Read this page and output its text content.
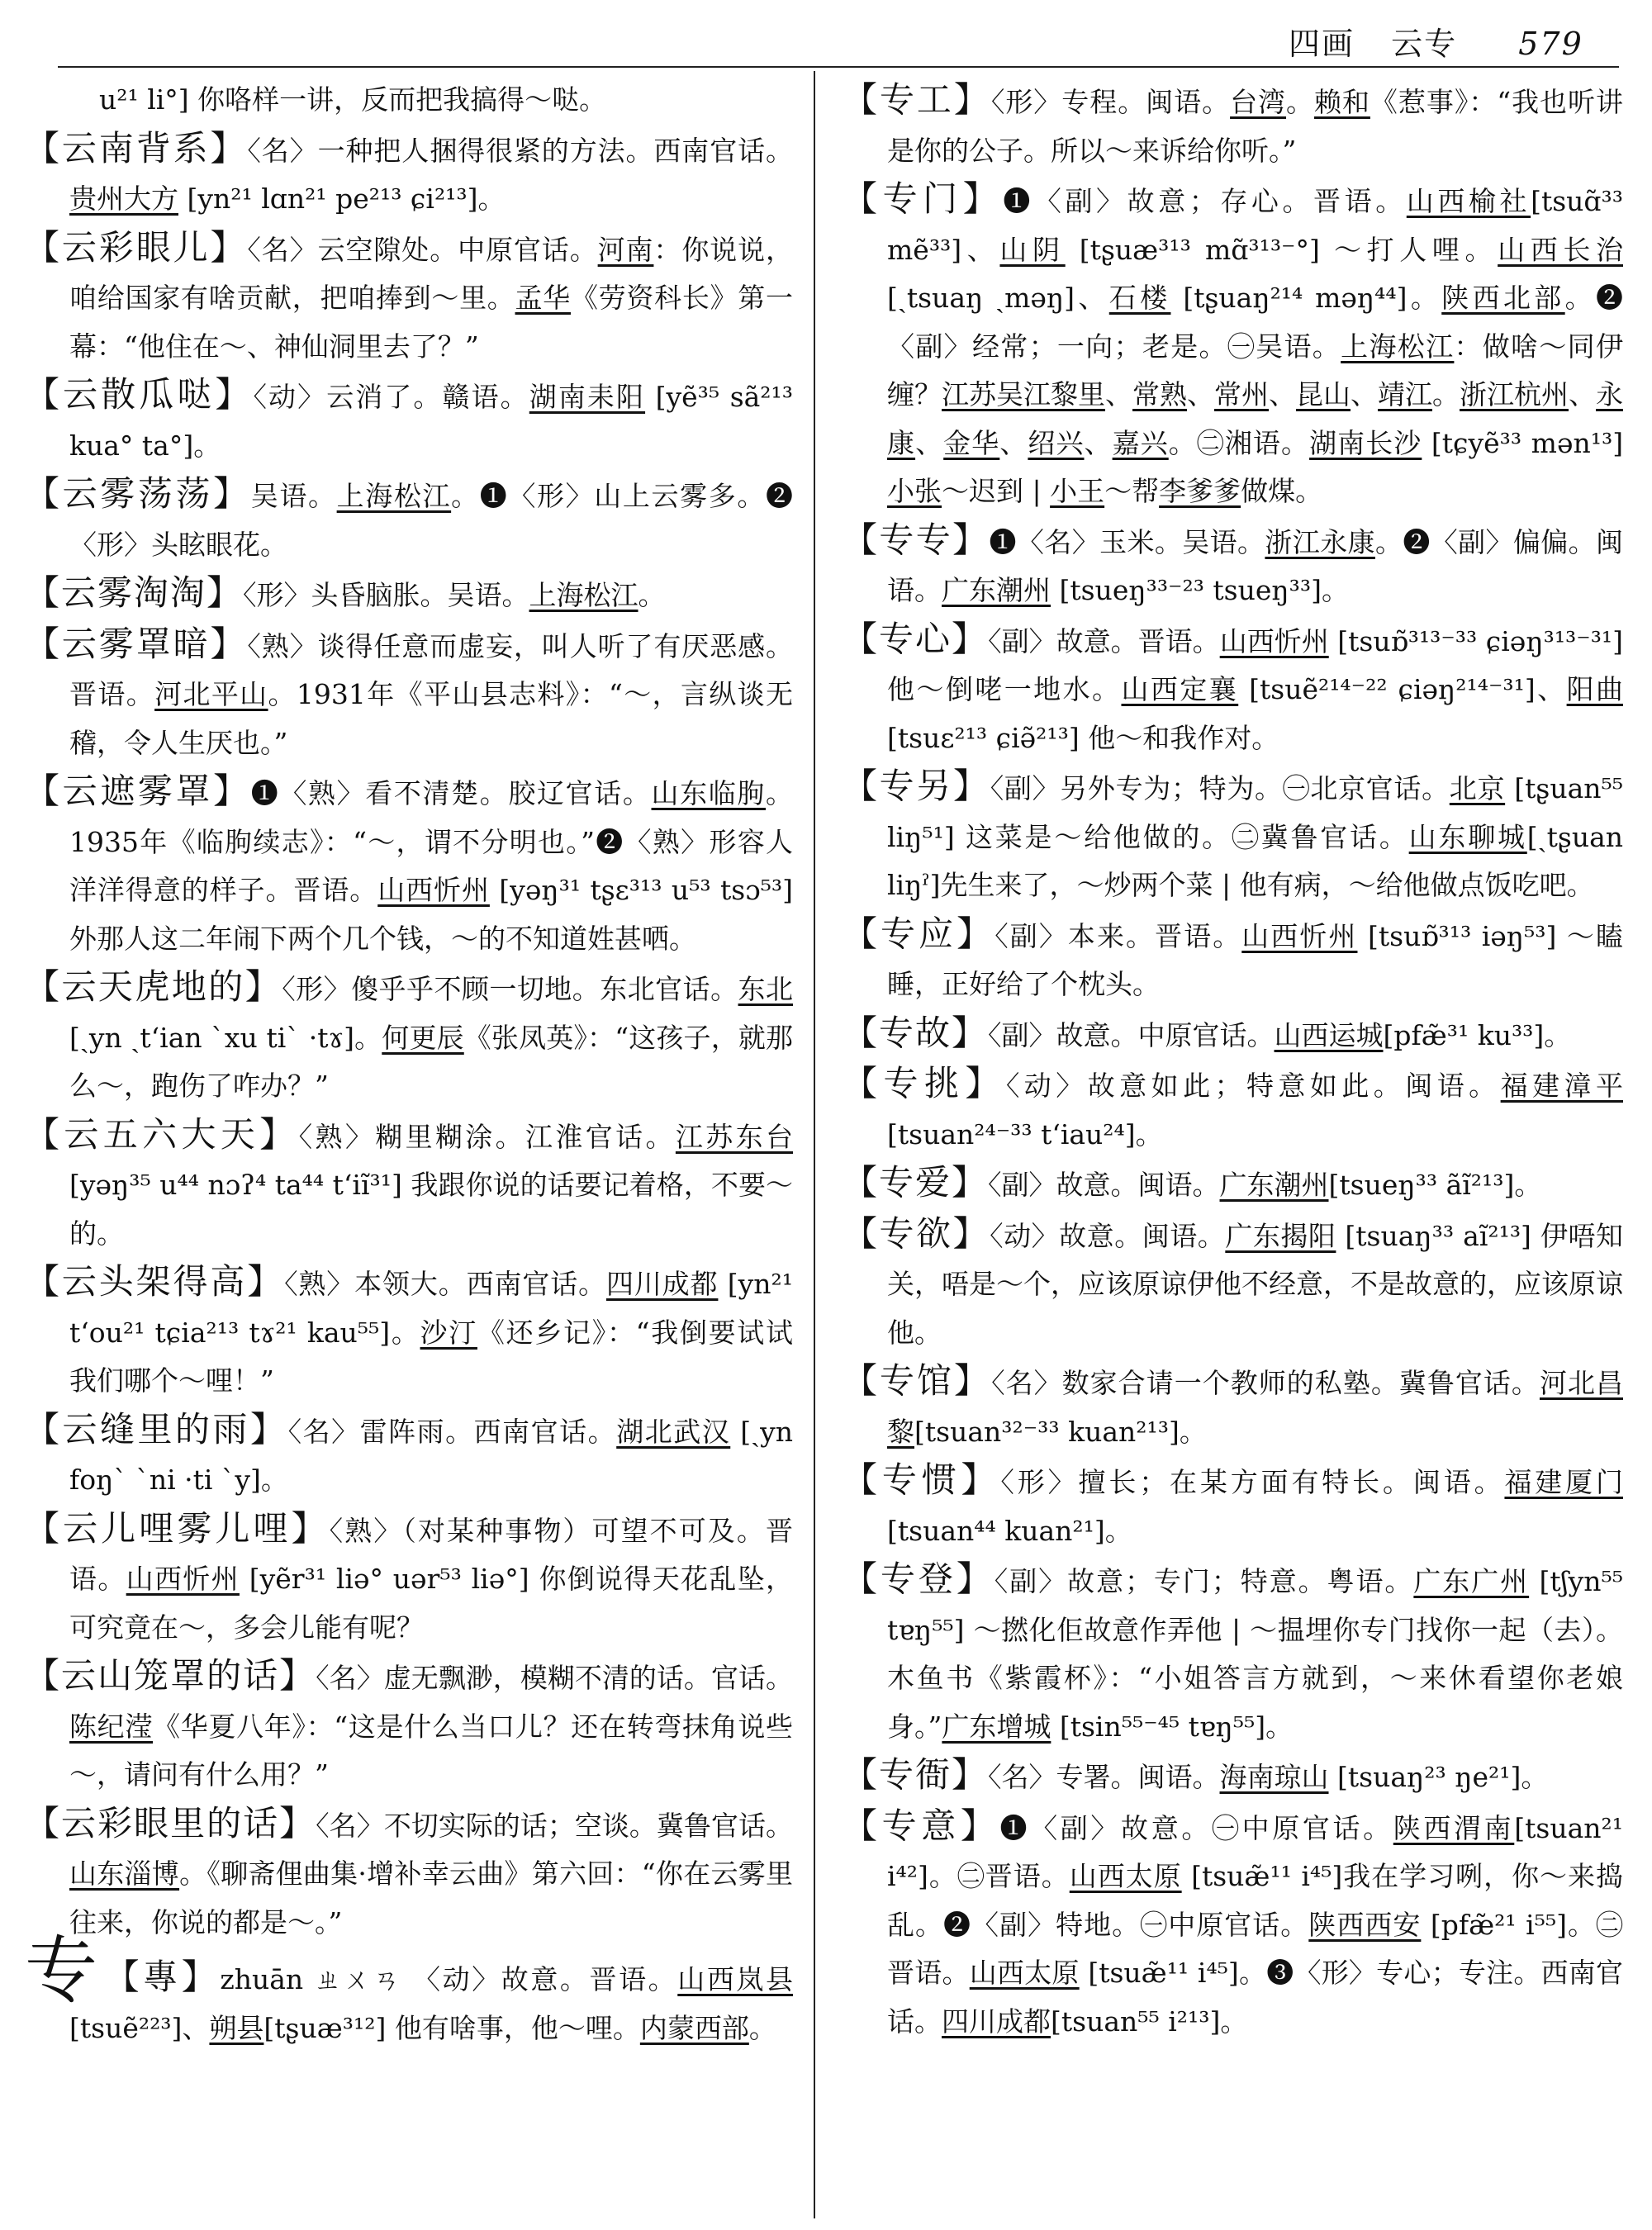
四画 云专 579

u²¹ li°] 你咯样一讲，反而把我搞得～哒。

【云南背系】〈名〉一种把人捆得很紧的方法。西南官话。贵州大方 [yn²¹ lɑn²¹ pe²¹³ ɕi²¹³]。

【云彩眼儿】〈名〉云空隙处。中原官话。河南：你说说，咱给国家有啥贡献，把咱捧到～里。孟华《劳资科长》第一幕：“他住在～、神仙洞里去了？”

【云散瓜哒】〈动〉云消了。赣语。湖南耒阳 [yẽ³⁵ sã²¹³ kua° ta°]。

【云雾荡荡】吴语。上海松江。❶〈形〉山上云雾多。❷〈形〉头眩眼花。

【云雾淘淘】〈形〉头昏脑胀。吴语。上海松江。

【云雾罩暗】〈熟〉谈得任意而虚妄，叫人听了有厌恶感。晋语。河北平山。1931年《平山县志料》：“～，言纵谈无稽，令人生厌也。”

【云遮雾罩】❶〈熟〉看不清楚。胶辽官话。山东临朐。1935年《临朐续志》：“～，谓不分明也。”❷〈熟〉形容人洋洋得意的样子。晋语。山西忻州 [yəŋ³¹ tʂɛ³¹³ u⁵³ tsɔ⁵³]外那人这二年闹下两个几个钱，～的不知道姓甚哂。

【云天虎地的】〈形〉傻乎乎不顾一切地。东北官话。东北 [ˏyn ˏtʻian ˋxu tiˋ ·tɤ]。何更辰《张凤英》：“这孩子，就那么～，跑伤了咋办？”

【云五六大天】〈熟〉糊里糊涂。江淮官话。江苏东台 [yəŋ³⁵ u⁴⁴ nɔʔ⁴ ta⁴⁴ tʻiĩ³¹] 我跟你说的话要记着格，不要～的。

【云头架得高】〈熟〉本领大。西南官话。四川成都 [yn²¹ tʻou²¹ tɕia²¹³ tɤ²¹ kau⁵⁵]。沙汀《还乡记》：“我倒要试试我们哪个～哩！”

【云缝里的雨】〈名〉雷阵雨。西南官话。湖北武汉 [ˏyn foŋˋ ˋni ·ti ˋy]。

【云儿哩雾儿哩】〈熟〉（对某种事物）可望不可及。晋语。山西忻州 [yẽr³¹ liə° uər⁵³ liə°] 你倒说得天花乱坠，可究竟在～，多会儿能有呢？

【云山笼罩的话】〈名〉虚无飘渺，模糊不清的话。官话。陈纪滢《华夏八年》：“这是什么当口儿？还在转弯抹角说些～，请问有什么用？”

【云彩眼里的话】〈名〉不切实际的话；空谈。冀鲁官话。山东淄博。《聊斋俚曲集·增补幸云曲》第六回：“你在云雾里往来，你说的都是～。”

专 【專】zhuān ㄓㄨㄢ 〈动〉故意。晋语。山西岚县[tsuẽ²²³]、朔县[tʂuæ³¹²] 他有啥事，他～哩。内蒙西部。

【专工】〈形〉专程。闽语。台湾。赖和《惹事》：“我也听讲是你的公子。所以～来诉给你听。”

【专门】❶〈副〉故意；存心。晋语。山西榆社[tsuɑ̃³³ mẽ³³]、山阴 [tʂuæ³¹³ mɑ̃³¹³⁻°] ～打人哩。山西长治 [ˏtsuaŋ ˏməŋ]、石楼 [tʂuaŋ²¹⁴ məŋ⁴⁴]。陕西北部。❷〈副〉经常；一向；老是。㊀吴语。上海松江：做啥～同伊缠？江苏吴江黎里、常熟、常州、昆山、靖江。浙江杭州、永康、金华、绍兴、嘉兴。㊁湘语。湖南长沙 [tɕyẽ³³ mən¹³] 小张～迟到 | 小王～帮李爹爹做煤。

【专专】❶〈名〉玉米。吴语。浙江永康。❷〈副〉偏偏。闽语。广东潮州 [tsueŋ³³⁻²³ tsueŋ³³]。

【专心】〈副〉故意。晋语。山西忻州 [tsuɒ̃³¹³⁻³³ ɕiəŋ³¹³⁻³¹] 他～倒咾一地水。山西定襄 [tsuẽ²¹⁴⁻²² ɕiəŋ²¹⁴⁻³¹]、阳曲 [tsuɛ²¹³ ɕiə̃²¹³] 他～和我作对。

【专另】〈副〉另外专为；特为。㊀北京官话。北京 [tʂuan⁵⁵ liŋ⁵¹] 这菜是～给他做的。㊁冀鲁官话。山东聊城[ˏtʂuan liŋˀ]先生来了，～炒两个菜 | 他有病，～给他做点饭吃吧。

【专应】〈副〉本来。晋语。山西忻州 [tsuɒ̃³¹³ iəŋ⁵³] ～瞌睡，正好给了个枕头。

【专故】〈副〉故意。中原官话。山西运城[pfæ̃³¹ ku³³]。

【专挑】〈动〉故意如此；特意如此。闽语。福建漳平 [tsuan²⁴⁻³³ tʻiau²⁴]。

【专爱】〈副〉故意。闽语。广东潮州[tsueŋ³³ ãĩ²¹³]。

【专欲】〈动〉故意。闽语。广东揭阳 [tsuaŋ³³ aĩ²¹³] 伊唔知关，唔是～个，应该原谅伊他不经意，不是故意的，应该原谅他。

【专馆】〈名〉数家合请一个教师的私塾。冀鲁官话。河北昌黎[tsuan³²⁻³³ kuan²¹³]。

【专惯】〈形〉擅长；在某方面有特长。闽语。福建厦门 [tsuan⁴⁴ kuan²¹]。

【专登】〈副〉故意；专门；特意。粤语。广东广州 [tʃyn⁵⁵ tɐŋ⁵⁵] ～撚化佢故意作弄他 | ～揾埋你专门找你一起（去）。木鱼书《紫霞杯》：“小姐答言方就到，～来休看望你老娘身。”广东增城 [tsin⁵⁵⁻⁴⁵ tɐŋ⁵⁵]。

【专衙】〈名〉专署。闽语。海南琼山 [tsuaŋ²³ ŋe²¹]。

【专意】❶〈副〉故意。㊀中原官话。陕西渭南[tsuan²¹ i⁴²]。㊁晋语。山西太原 [tsuæ̃¹¹ i⁴⁵]我在学习咧，你～来捣乱。❷〈副〉特地。㊀中原官话。陕西西安 [pfæ̃²¹ i⁵⁵]。㊁晋语。山西太原 [tsuæ̃¹¹ i⁴⁵]。❸〈形〉专心；专注。西南官话。四川成都[tsuan⁵⁵ i²¹³]。
